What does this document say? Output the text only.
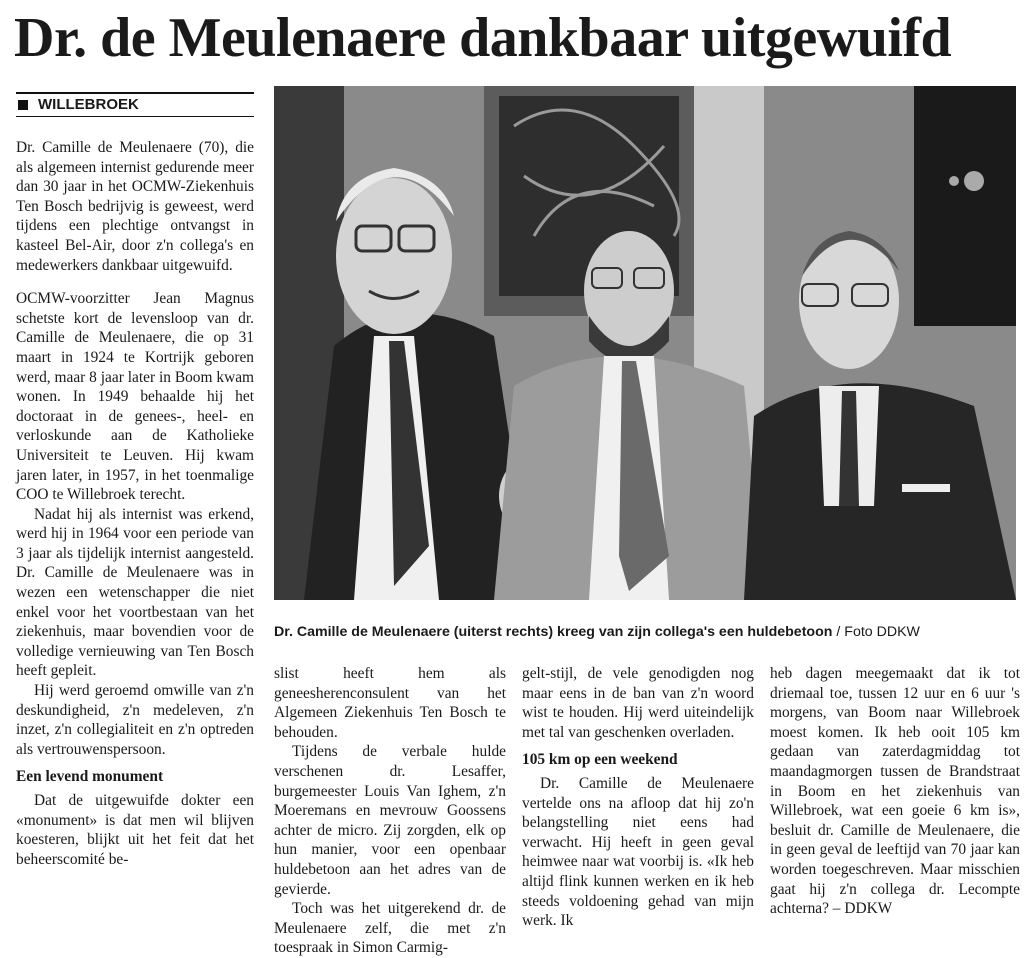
Dr. de Meulenaere dankbaar uitgewuifd
WILLEBROEK

Dr. Camille de Meulenaere (70), die als algemeen internist gedurende meer dan 30 jaar in het OCMW-Ziekenhuis Ten Bosch bedrijvig is geweest, werd tijdens een plechtige ontvangst in kasteel Bel-Air, door z'n collega's en medewerkers dankbaar uitgewuifd.

OCMW-voorzitter Jean Magnus schetste kort de levensloop van dr. Camille de Meulenaere, die op 31 maart in 1924 te Kortrijk geboren werd, maar 8 jaar later in Boom kwam wonen. In 1949 behaalde hij het doctoraat in de genees-, heel- en verloskunde aan de Katholieke Universiteit te Leuven. Hij kwam jaren later, in 1957, in het toenmalige COO te Willebroek terecht.

Nadat hij als internist was erkend, werd hij in 1964 voor een periode van 3 jaar als tijdelijk internist aangesteld. Dr. Camille de Meulenaere was in wezen een wetenschapper die niet enkel voor het voortbestaan van het ziekenhuis, maar bovendien voor de volledige vernieuwing van Ten Bosch heeft gepleit.

Hij werd geroemd omwille van z'n deskundigheid, z'n medeleven, z'n inzet, z'n collegialiteit en z'n optreden als vertrouwenspersoon.

Een levend monument

Dat de uitgewuifde dokter een «monument» is dat men wil blijven koesteren, blijkt uit het feit dat het beheerscomité be-

Dr. Camille de Meulenaere (uiterst rechts) kreeg van zijn collega's een huldebetoon / Foto DDKW

slist heeft hem als geneesherenconsulent van het Algemeen Ziekenhuis Ten Bosch te behouden.

Tijdens de verbale hulde verschenen dr. Lesaffer, burgemeester Louis Van Ighem, z'n Moeremans en mevrouw Goossens achter de micro. Zij zorgden, elk op hun manier, voor een openbaar huldebetoon aan het adres van de gevierde.

Toch was het uitgerekend dr. de Meulenaere zelf, die met z'n toespraak in Simon Carmig-

gelt-stijl, de vele genodigden nog maar eens in de ban van z'n woord wist te houden. Hij werd uiteindelijk met tal van geschenken overladen.

105 km op een weekend

Dr. Camille de Meulenaere vertelde ons na afloop dat hij zo'n belangstelling niet eens had verwacht. Hij heeft in geen geval heimwee naar wat voorbij is. «Ik heb altijd flink kunnen werken en ik heb steeds voldoening gehad van mijn werk. Ik

heb dagen meegemaakt dat ik tot driemaal toe, tussen 12 uur en 6 uur 's morgens, van Boom naar Willebroek moest komen. Ik heb ooit 105 km gedaan van zaterdagmiddag tot maandagmorgen tussen de Brandstraat in Boom en het ziekenhuis van Willebroek, wat een goeie 6 km is», besluit dr. Camille de Meulenaere, die in geen geval de leeftijd van 70 jaar kan worden toegeschreven. Maar misschien gaat hij z'n collega dr. Lecompte achterna? – DDKW
